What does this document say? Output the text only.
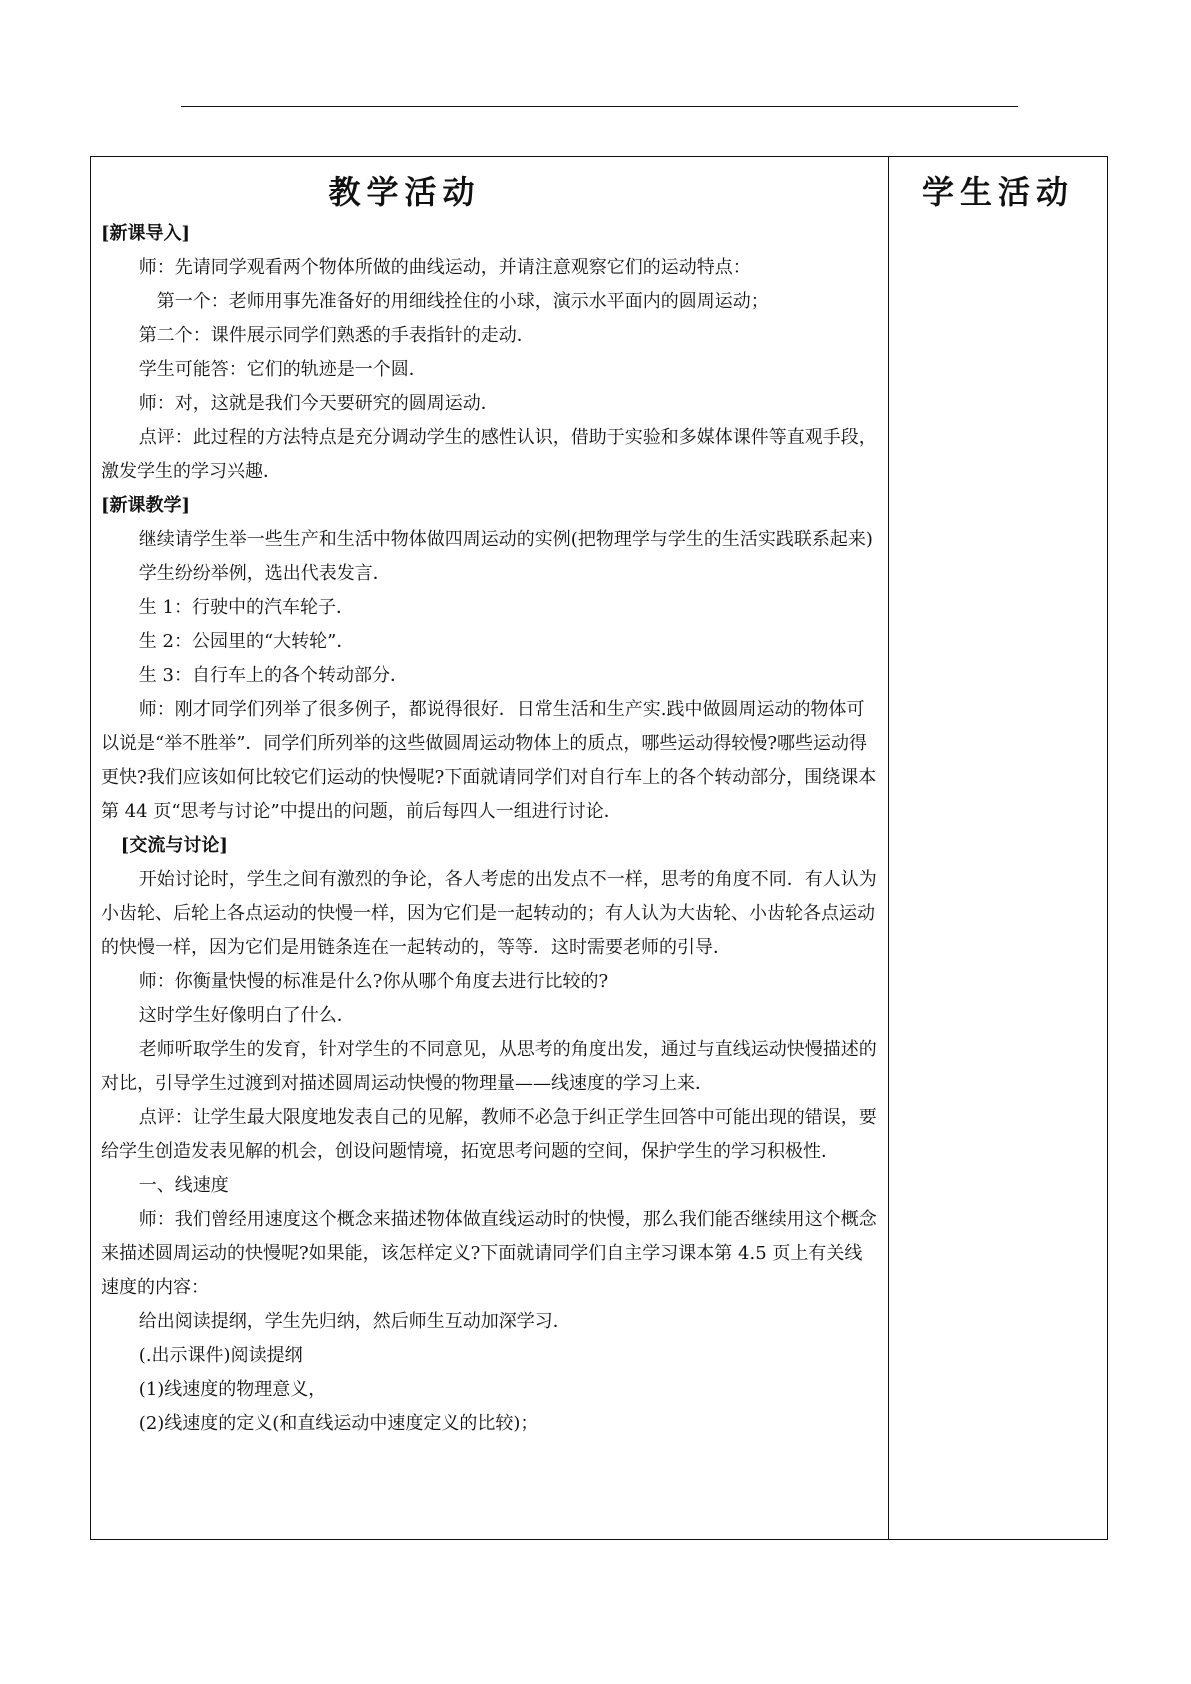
教学活动

[新课导入]

师：先请同学观看两个物体所做的曲线运动，并请注意观察它们的运动特点：

第一个：老师用事先准备好的用细线拴住的小球，演示水平面内的圆周运动；

第二个：课件展示同学们熟悉的手表指针的走动．

学生可能答：它们的轨迹是一个圆．

师：对，这就是我们今天要研究的圆周运动．

点评：此过程的方法特点是充分调动学生的感性认识，借助于实验和多媒体课件等直观手段，激发学生的学习兴趣．

[新课教学]

继续请学生举一些生产和生活中物体做四周运动的实例(把物理学与学生的生活实践联系起来)

学生纷纷举例，选出代表发言．

生 1：行驶中的汽车轮子．

生 2：公园里的“大转轮”．

生 3：自行车上的各个转动部分．

师：刚才同学们列举了很多例子，都说得很好．日常生活和生产实.践中做圆周运动的物体可以说是“举不胜举”．同学们所列举的这些做圆周运动物体上的质点，哪些运动得较慢?哪些运动得更快?我们应该如何比较它们运动的快慢呢?下面就请同学们对自行车上的各个转动部分，围绕课本第 44 页“思考与讨论”中提出的问题，前后每四人一组进行讨论．

[交流与讨论]

开始讨论时，学生之间有激烈的争论，各人考虑的出发点不一样，思考的角度不同．有人认为小齿轮、后轮上各点运动的快慢一样，因为它们是一起转动的；有人认为大齿轮、小齿轮各点运动的快慢一样，因为它们是用链条连在一起转动的，等等．这时需要老师的引导．

师：你衡量快慢的标准是什么?你从哪个角度去进行比较的?

这时学生好像明白了什么．

老师听取学生的发育，针对学生的不同意见，从思考的角度出发，通过与直线运动快慢描述的对比，引导学生过渡到对描述圆周运动快慢的物理量——线速度的学习上来．

点评：让学生最大限度地发表自己的见解，教师不必急于纠正学生回答中可能出现的错误，要给学生创造发表见解的机会，创设问题情境，拓宽思考问题的空间，保护学生的学习积极性．

一、线速度

师：我们曾经用速度这个概念来描述物体做直线运动时的快慢，那么我们能否继续用这个概念来描述圆周运动的快慢呢?如果能，该怎样定义?下面就请同学们自主学习课本第 4.5 页上有关线速度的内容：

给出阅读提纲，学生先归纳，然后师生互动加深学习．

(.出示课件)阅读提纲

(1)线速度的物理意义，

(2)线速度的定义(和直线运动中速度定义的比较)；

学生活动
